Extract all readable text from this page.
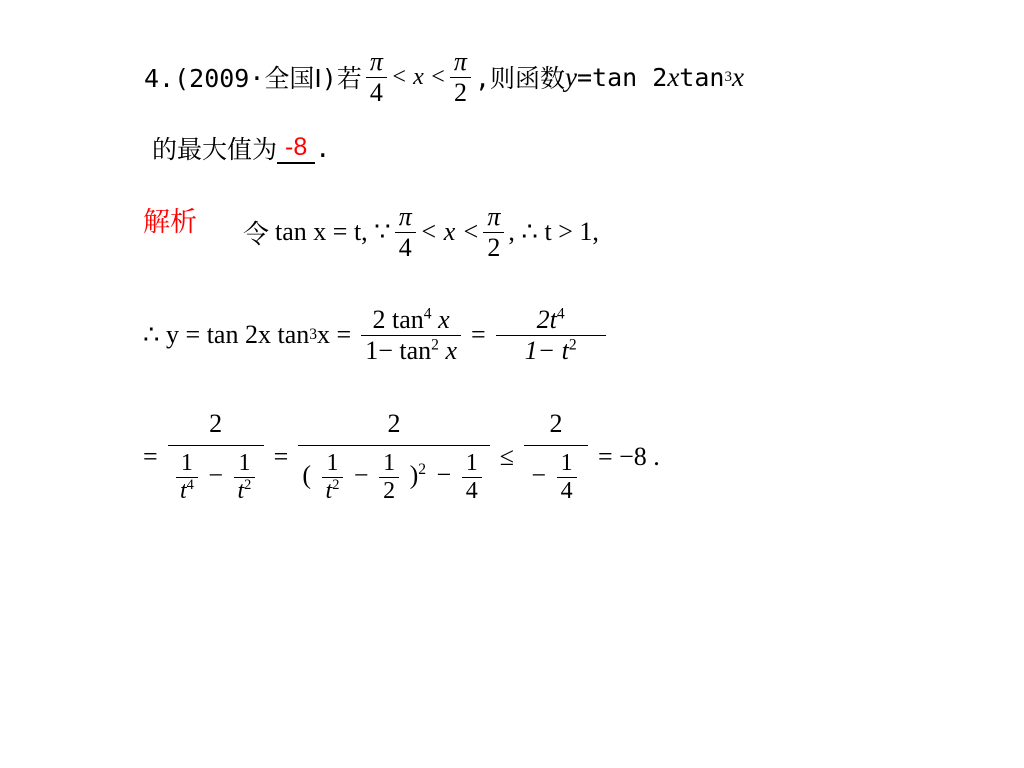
4.(2009·全国Ⅰ)若 $\frac{\pi}{4} < x < \frac{\pi}{2}$ ,则函数 y =tan 2 x tan 3 x
的最大值为 -8 .
解析 令 tan x = t, ∵ $\frac{\pi}{4} < x < \frac{\pi}{2}$ , ∴ t > 1,
∴ y = tan 2x tan 3 $x = \frac{2 \tan^4 x}{1- \tan^2 x} = \frac{2t^4}{1- t^2}$
=
2
$\frac{1}{t^4} - \frac{1}{t^2}$ =
2
( $\frac{1}{t^2} - \frac{1}{2} )^2 - \frac{1}{4} \le \frac{2}{- \frac{1}{4}} = -8$ .
